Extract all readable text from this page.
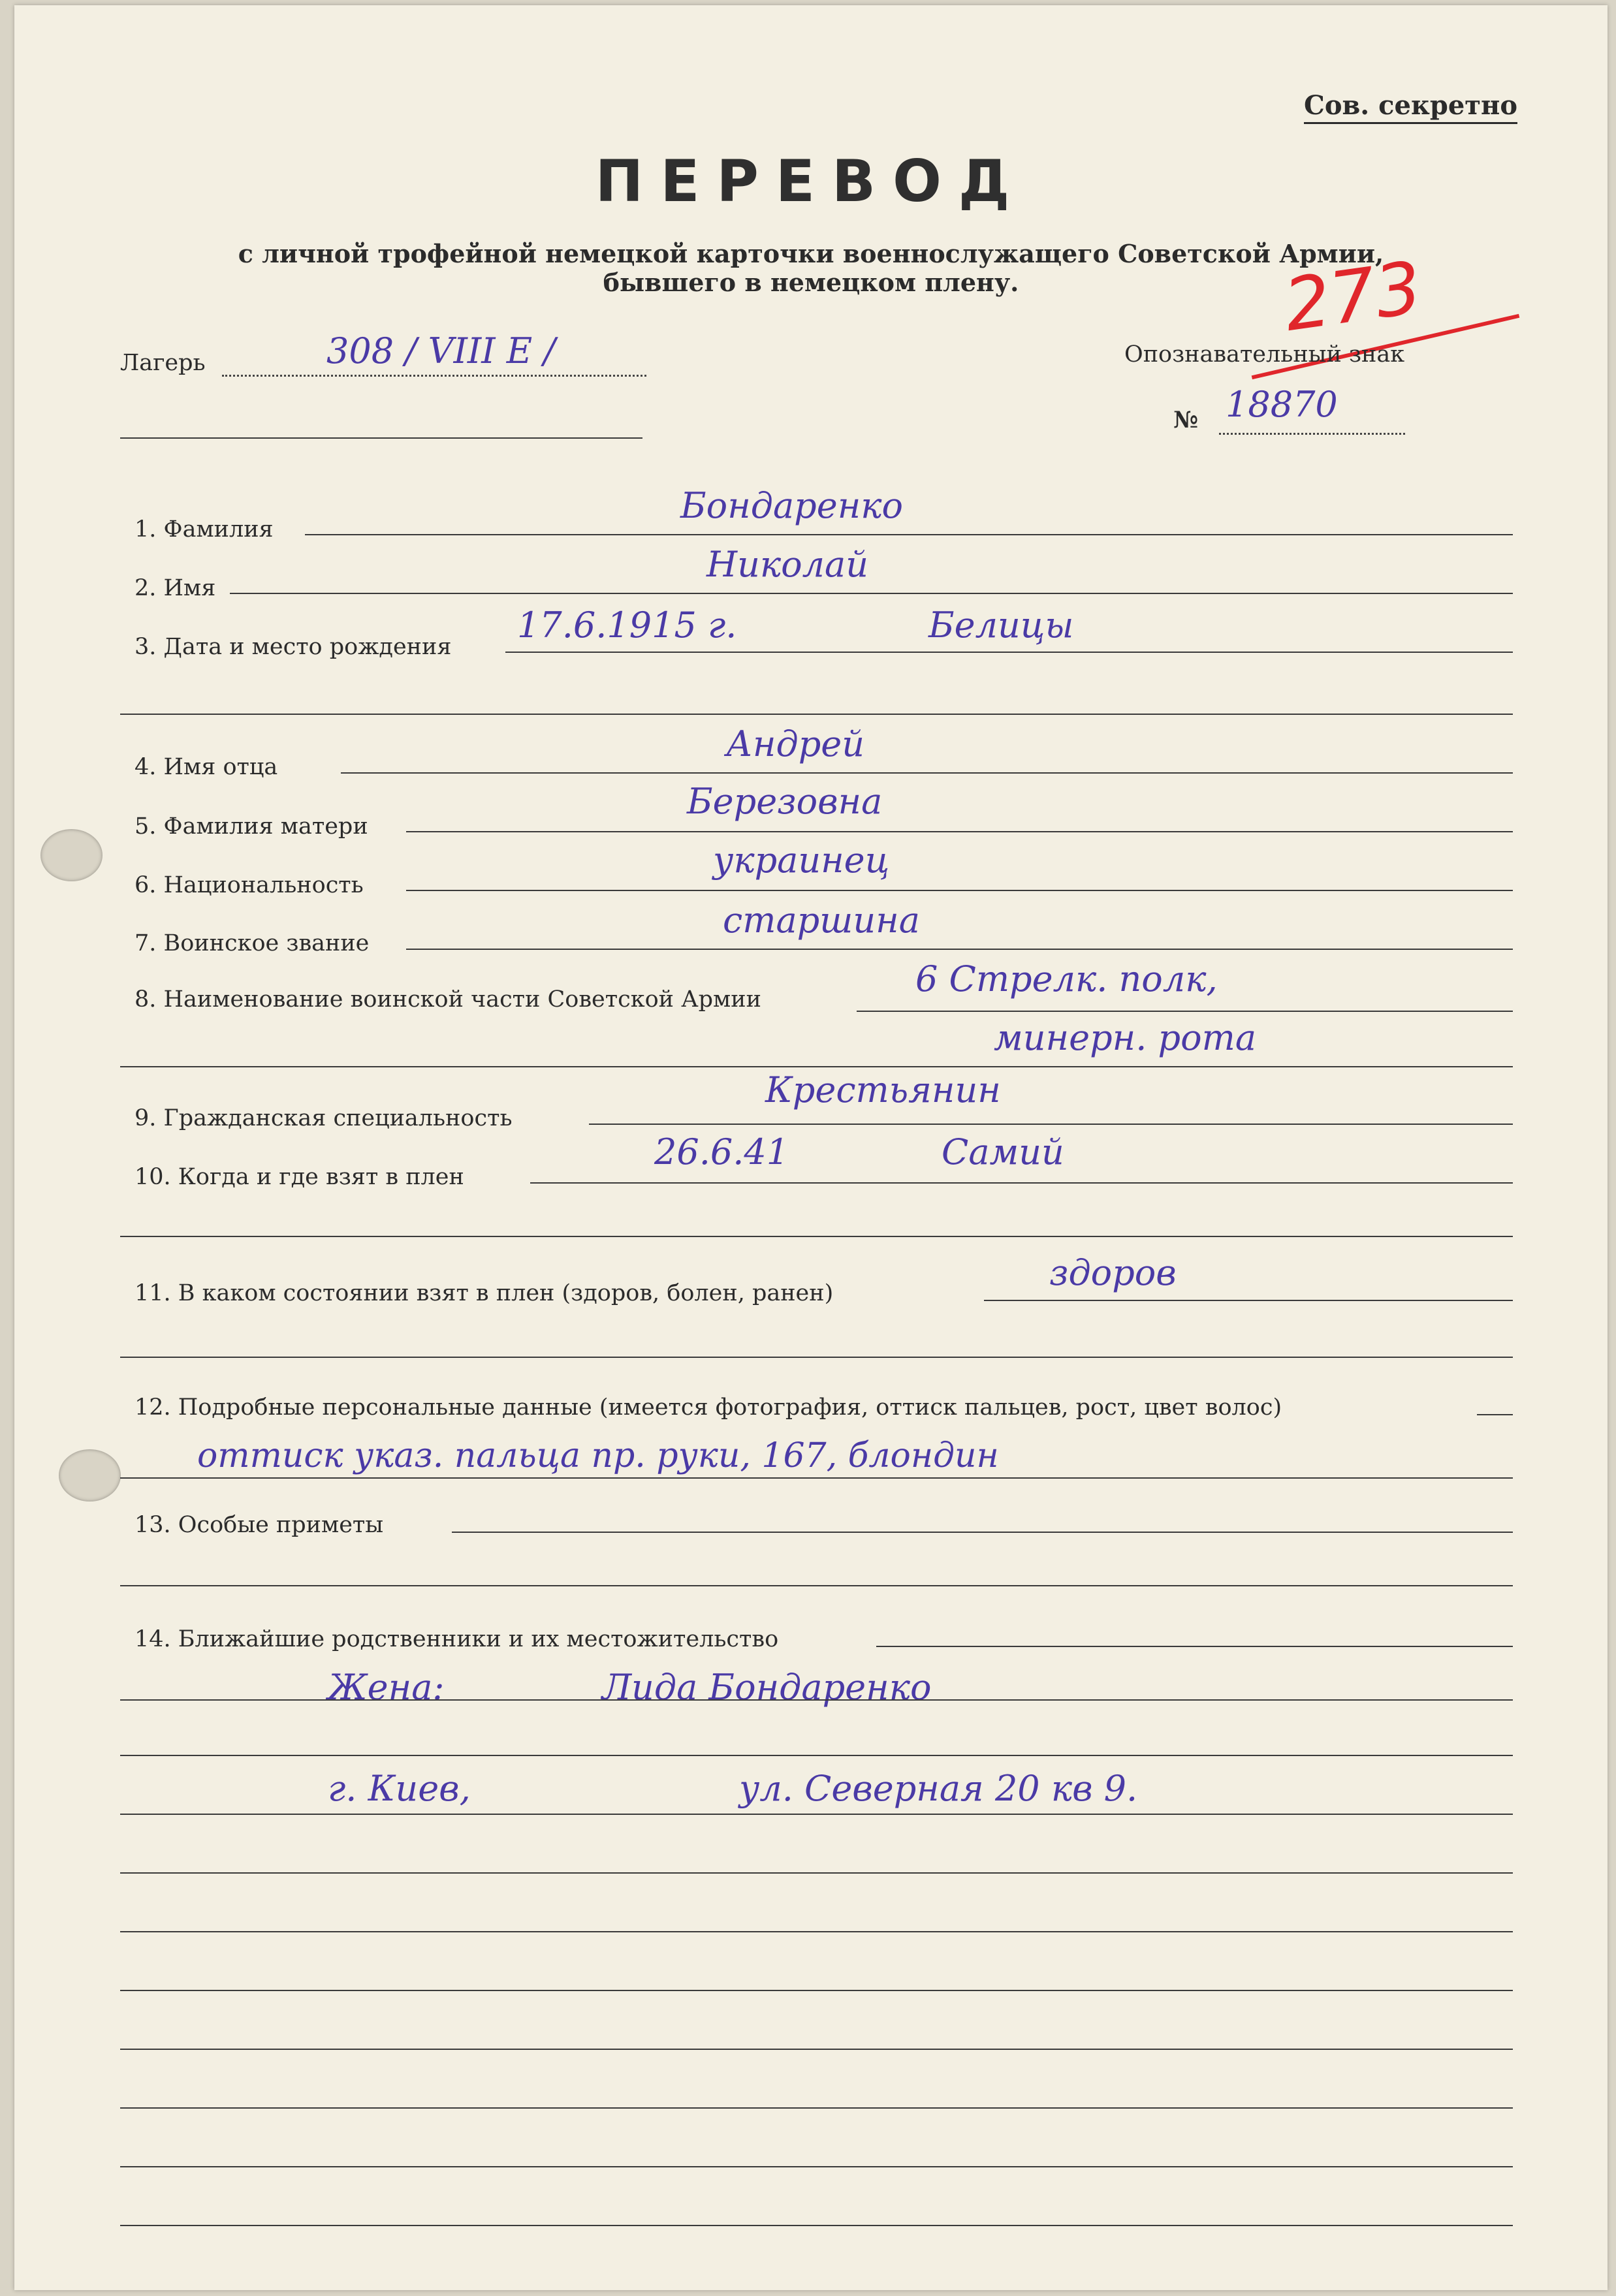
Сов. секретно
ПЕРЕВОД
с личной трофейной немецкой карточки военнослужащего Советской Армии,
бывшего в немецком плену.	273
Лагерь	308 / VIII E /	Опознавательный знак
№ 18870
1. Фамилия
Бондаренко
2. Имя
Николай
3. Дата и место рождения
17.6.1915 г.	Белицы
4. Имя отца
Андрей
5. Фамилия матери
Березовна
6. Национальность
украинец
7. Воинское звание
старшина
8. Наименование воинской части Советской Армии	6 Стрелк. полк,
минерн. рота
9. Гражданская специальность
Крестьянин
10. Когда и где взят в плен
26.6.41	Самий
11. В каком состоянии взят в плен (здоров, болен, ранен)	здоров
12. Подробные персональные данные (имеется фотография, оттиск пальцев, рост, цвет волос)
оттиск указ. пальца пр. руки, 167, блондин
13. Особые приметы
14. Ближайшие родственники и их местожительство
Жена:	Лида Бондаренко
г. Киев,	ул. Северная 20 кв 9.
